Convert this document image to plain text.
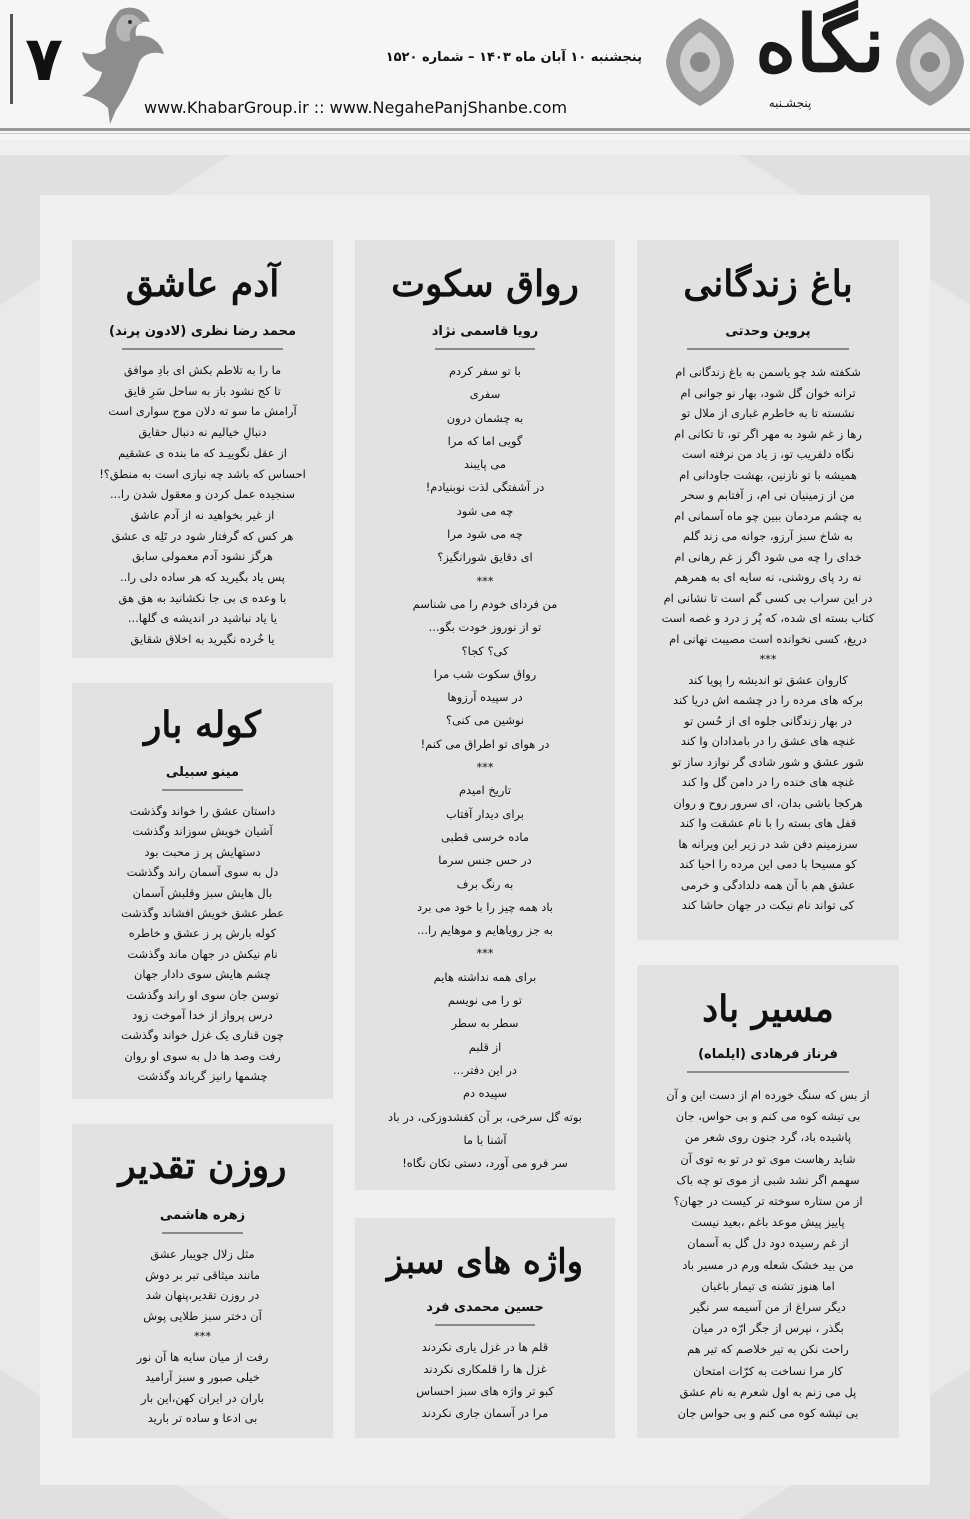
۷	پنجشنبه ۱۰ آبان ماه ۱۴۰۳ – شماره ۱۵۲۰
www.KhabarGroup.ir :: www.NegahePanjShanbe.com
نگاه
پنجشـنبه
باغ زندگانی
پروین وحدتی
شکفته شد چو یاسمن به باغ زندگانی ام
ترانه خوان گل شود، بهار نو جوانی ام
نشسته تا به خاطرم غباری از ملال تو
رها ز غم شود به مهر اگر تو، تا تکانی ام
نگاه دلفریب تو، ز یاد من نرفته است
همیشه با تو نازنین، بهشت جاودانی ام
من از زمینیان نی ام، ز آفتابم و سحر
به چشم مردمان ببین چو ماه آسمانی ام
به شاخ سبز آرزو، جوانه می زند گلم
خدای را چه می شود اگر ز غم رهانی ام
نه رد پای روشنی، نه سایه ای به همرهم
در این سراب بی کسی گم است تا نشانی ام
کتاب بسته ای شده، که پُر ز درد و غصه است
دریغ، کسی نخوانده است مصیبت نهانی ام
***
کاروان عشق تو اندیشه را پویا کند
برکه های مرده را در چشمه اش دریا کند
در بهار زندگانی جلوه ای از حُسن تو
غنچه های عشق را در بامدادان وا کند
شور عشق و شور شادی گر نوازد ساز تو
غنچه های خنده را در دامن گل وا کند
هرکجا باشی بدان، ای سرور روح و روان
قفل های بسته را با نام عشقت وا کند
سرزمینم دفن شد در زیر این ویرانه ها
کو مسیحا با دمی این مرده را احیا کند
عشق هم با آن همه دلدادگی و خرمی
کی تواند نام نیکت در جهان حاشا کند
مسیر باد
فرناز فرهادی (ایلماه)
از بس که سنگ خورده ام از دست این و آن
بی تیشه کوه می کنم و بی حواس، جان
پاشیده باد، گرد جنون روی شعر من
شاید رهاست موی تو در تو به توی آن
سهمم اگر نشد شبی از موی تو چه باک
از من ستاره سوخته تر کیست در جهان؟
پاییز پیش موعد باغم ،بعید نیست
از غم رسیده دود دل گل به آسمان
من بید خشک شعله ورم در مسیر باد
اما هنوز تشنه ی تیمار باغبان
دیگر سراغ از من آسیمه سر نگیر
بگذر ، نپرس از جگر ارّه در میان
راحت نکن به تیر خلاصم که تیر هم
کار مرا نساخت به کرّات امتحان
پل می زنم به اول شعرم به نام عشق
بی تیشه کوه می کنم و بی حواس جان
رواق سکوت
رویا قاسمی نژاد
با تو سفر کردم
سفری
به چشمان درون
گویی اما که مرا
می پایبند
در آشفتگی لذت نوبنیادم!
چه می شود
چه می شود مرا
ای دقایق شورانگیز؟
***
من فردای خودم را می شناسم
تو از نوروز خودت بگو...
کی؟ کجا؟
رواق سکوت شب مرا
در سپیده آرزوها
نوشین می کنی؟
در هوای تو اطراق می کنم!
***
تاریخ امیدم
برای دیدار آفتاب
ماده خرسی قطبی
در حس جنس سرما
به رنگ برف
باد همه چیز را با خود می برد
به جز رویاهایم و موهایم را...
***
برای همه نداشته هایم
تو را می نویسم
سطر به سطر
از قلبم
در این دفتر...
سپیده دم
بوته گل سرخی، بر آن کفشدوزکی، در باد
آشنا با ما
سر فرو می آورد، دستی تکان نگاه!
واژه های سبز
حسین محمدی فرد
قلم ها در غزل یاری نکردند
غزل ها را قلمکاری نکردند
کبو تر واژه های سبز احساس
مرا در آسمان جاری نکردند
آدم عاشق
محمد رضا نظری (لادون پرند)
ما را به تلاطم بکش ای بادِ موافق
تا کج نشود باز به ساحل سَرِ قایق
آرامش ما سو ته دلان موج سواری است
دنبالِ خیالیم نه دنبال حقایق
از عقل نگوییـد که ما بنده ی عشقیم
احساس که باشد چه نیازی است به منطق؟!
سنجیده عمل کردن و معقول شدن را...
از غیر بخواهید نه از آدم عاشق
هر کس که گرفتار شود در تَلِه ی عشق
هرگز نشود آدم معمولی سابق
پس یاد بگیرید که هر ساده دلی را..
با وعده ی بی جا نکشانید به هق هق
یا یاد نباشید در اندیشه ی گلها...
یا خُرده نگیرید به اخلاق شقایق
کوله بار
مینو سبیلی
داستان عشق را خواند وگذشت
آشیان خویش سوزاند وگذشت
دستهایش پر ز محبت بود
دل به سوی آسمان راند وگذشت
بال هایش سبز وقلبش آسمان
عطر عشق خویش افشاند وگذشت
کوله بارش پر ز عشق و خاطره
نام نیکش در جهان ماند وگذشت
چشم هایش سوی دادار جهان
توسن جان سوی او راند وگذشت
درس پرواز از خدا آموخت زود
چون قناری یک غزل خواند وگذشت
رفت وصد ها دل به سوی او روان
چشمها رانیز گریاند وگذشت
روزن تقدیر
زهره هاشمی
مثل زلال جویبار عشق
مانند میثاقی تبر بر دوش
در روزن تقدیر،پنهان شد
آن دختر سبز طلایی پوش
***
رفت از میان سایه ها آن نور
خیلی صبور و سبز آرامید
باران در ایران کهن،این بار
بی ادعا و ساده تر بارید
